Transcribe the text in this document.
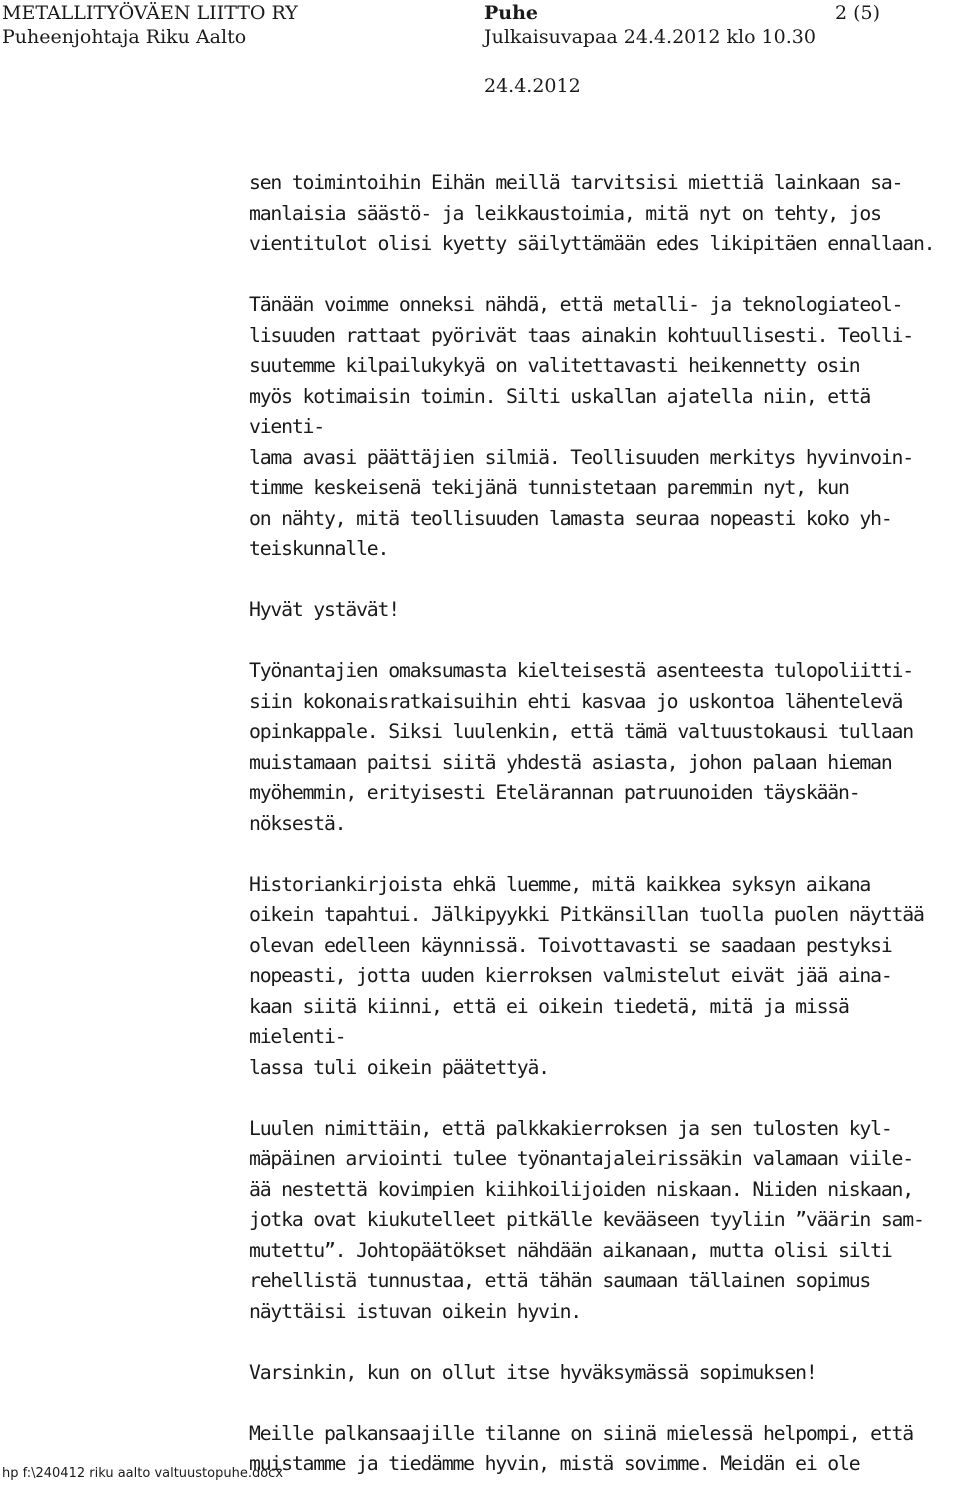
METALLITYÖVÄEN LIITTO RY
Puheenjohtaja Riku Aalto
Puhe
Julkaisuvapaa 24.4.2012 klo 10.30
2 (5)
24.4.2012

sen toimintoihin Eihän meillä tarvitsisi miettiä lainkaan sa-
manlaisia säästö- ja leikkaustoimia, mitä nyt on tehty, jos
vientitulot olisi kyetty säilyttämään edes likipitäen ennallaan.

Tänään voimme onneksi nähdä, että metalli- ja teknologiateol-
lisuuden rattaat pyörivät taas ainakin kohtuullisesti. Teolli-
suutemme kilpailukykyä on valitettavasti heikennetty osin
myös kotimaisin toimin. Silti uskallan ajatella niin, että vienti-
lama avasi päättäjien silmiä. Teollisuuden merkitys hyvinvoin-
timme keskeisenä tekijänä tunnistetaan paremmin nyt, kun
on nähty, mitä teollisuuden lamasta seuraa nopeasti koko yh-
teiskunnalle.

Hyvät ystävät!

Työnantajien omaksumasta kielteisestä asenteesta tulopoliitti-
siin kokonaisratkaisuihin ehti kasvaa jo uskontoa lähentelevä
opinkappale. Siksi luulenkin, että tämä valtuustokausi tullaan
muistamaan paitsi siitä yhdestä asiasta, johon palaan hieman
myöhemmin, erityisesti Etelärannan patruunoiden täyskään-
nöksestä.

Historiankirjoista ehkä luemme, mitä kaikkea syksyn aikana
oikein tapahtui. Jälkipyykki Pitkänsillan tuolla puolen näyttää
olevan edelleen käynnissä. Toivottavasti se saadaan pestyksi
nopeasti, jotta uuden kierroksen valmistelut eivät jää aina-
kaan siitä kiinni, että ei oikein tiedetä, mitä ja missä mielenti-
lassa tuli oikein päätettyä.

Luulen nimittäin, että palkkakierroksen ja sen tulosten kyl-
mäpäinen arviointi tulee työnantajaleirissäkin valamaan viile-
ää nestettä kovimpien kiihkoilijoiden niskaan. Niiden niskaan,
jotka ovat kiukutelleet pitkälle kevääseen tyyliin ”väärin sam-
mutettu”. Johtopäätökset nähdään aikanaan, mutta olisi silti
rehellistä tunnustaa, että tähän saumaan tällainen sopimus
näyttäisi istuvan oikein hyvin.

Varsinkin, kun on ollut itse hyväksymässä sopimuksen!

Meille palkansaajille tilanne on siinä mielessä helpompi, että
muistamme ja tiedämme hyvin, mistä sovimme. Meidän ei ole

hp f:\240412 riku aalto valtuustopuhe.docx
